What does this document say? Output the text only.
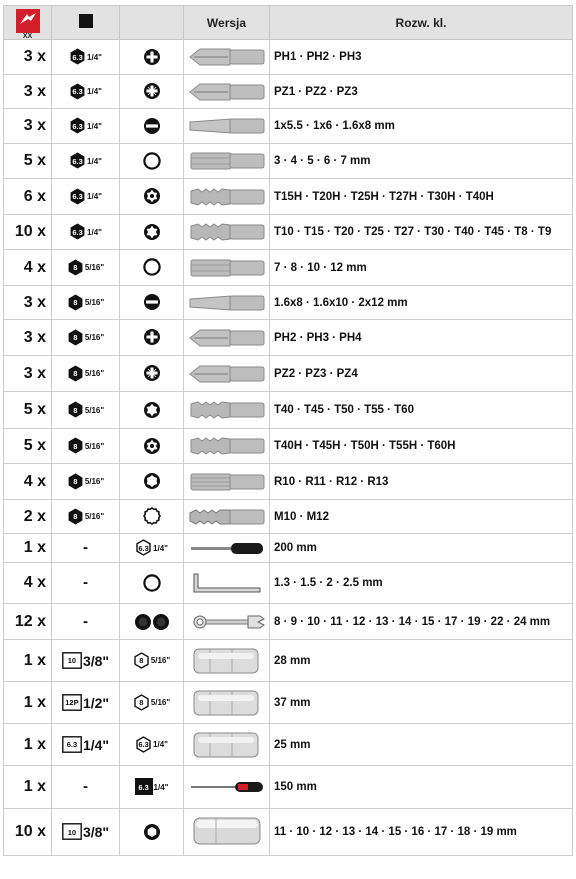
XX			Wersja	Rozw. kl.
3 x	6.3 1/4"			PH1 · PH2 · PH3
3 x	6.3 1/4"			PZ1 · PZ2 · PZ3
3 x	6.3 1/4"			1x5.5 · 1x6 · 1.6x8 mm
5 x	6.3 1/4"			3 · 4 · 5 · 6 · 7 mm
6 x	6.3 1/4"			T15H · T20H · T25H · T27H · T30H · T40H
10 x	6.3 1/4"			T10 · T15 · T20 · T25 · T27 · T30 · T40 · T45 · T8 · T9
4 x	8 5/16"			7 · 8 · 10 · 12 mm
3 x	8 5/16"			1.6x8 · 1.6x10 · 2x12 mm
3 x	8 5/16"			PH2 · PH3 · PH4
3 x	8 5/16"			PZ2 · PZ3 · PZ4
5 x	8 5/16"			T40 · T45 · T50 · T55 · T60
5 x	8 5/16"			T40H · T45H · T50H · T55H · T60H
4 x	8 5/16"			R10 · R11 · R12 · R13
2 x	8 5/16"			M10 · M12
1 x	-	6.3 1/4"		200 mm
4 x	-			1.3 · 1.5 · 2 · 2.5 mm
12 x	-			8 · 9 · 10 · 11 · 12 · 13 · 14 · 15 · 17 · 19 · 22 · 24 mm
1 x	10 3/8"	8 5/16"		28 mm
1 x	12P 1/2"	8 5/16"		37 mm
1 x	6.3 1/4"	6.3 1/4"		25 mm
1 x	-	6.3 1/4"		150 mm
10 x	10 3/8"			11 · 10 · 12 · 13 · 14 · 15 · 16 · 17 · 18 · 19 mm
